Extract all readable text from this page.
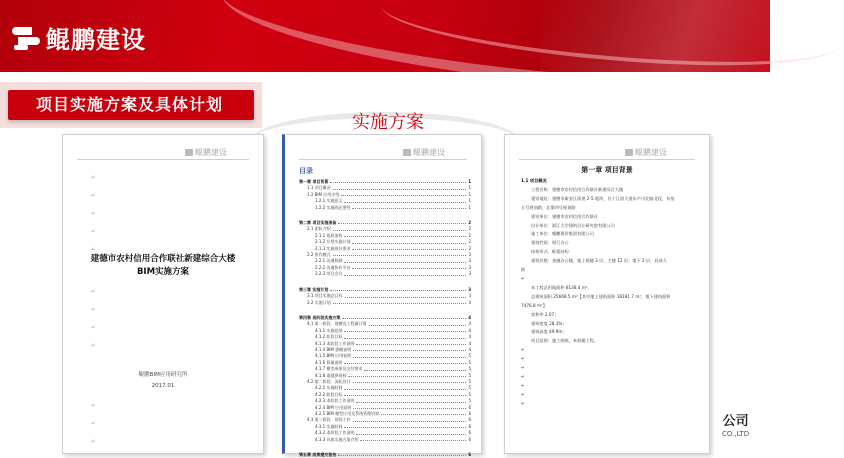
鲲鹏建设
项目实施方案及具体计划
实施方案
鲲鹏建设
↵
↵
↵
↵
↵
建德市农村信用合作联社新建综合大楼
BIM实施方案
↵
↵
↵
↵
鲲鹏BIM应用研究所
2017.01
↵
↵
↵
鲲鹏建设
目录
第一章 项目背景	1
1.1 项目概况	1
1.2 BIM 应用介绍	1
1.2.1 实施意义	1
1.2.2 实施的必要性	1
第二章 项目实施准备	2
2.1 团队介绍	2
2.1.1 组织架构	2
2.1.2 应用实施计划	2
2.1.3 实施岗位要求	2
2.2 协作模式	3
2.2.1 沟通机制	3
2.2.2 沟通协作平台	3
2.2.3 项目会议	3
第三章 实施计划	3
3.1 项目实施总目标	3
3.2 实施计划	4
第四章 各阶段实施方案	4
4.1 第一阶段：建模及工程量计算	4
4.1.1 实施范围	4
4.1.2 阶段目标	4
4.1.3 本阶段工作说明	4
4.1.4 BIM 建模说明	4
4.1.5 BIM 应用说明	5
4.1.6 算量说明	5
4.1.7 模型成果及交付要求	5
4.1.8 需提供资料	5
4.2 第二阶段：深化设计	5
4.2.1 实施时间	5
4.2.2 阶段目标	5
4.2.3 本阶段工作说明	5
4.2.4 BIM 应用说明	6
4.2.5 BIM 模型应用及系统管理培训	6
4.3 第三阶段：现场工作	6
4.3.1 实施时间	6
4.3.2 本阶段工作说明	6
4.3.3 具体实施方案介绍	6
第五章 成果提交报告	6
鲲鹏建设
第一章 项目背景
1.1 项目概况
工程名称：建德市农村信用合作联社新建综合大楼
建设地址：建德市新安江街道 2-5 地块，位于江滨大道东产川北路北段，东依
五号规划路，北靠四号规划路
建设单位：建德市农村信用合作联社
设计单位：浙江大学建筑设计研究院有限公司
施工单位：鲲鹏建设集团有限公司
建筑性质：银行办公
结构形式：框架结构
建筑层数：金融办公楼，地上裙楼 3 层，主楼 12 层；地下 2 层，局部人
防
↵
本工程总用地面积 8138.4 m²，
总建筑面积 25668.5 m²【其中地上建筑面积 18181.7 m²，地下建筑面积
7476.8 m²】
容积率 2.07；
建筑密度 28.3%；
建筑高度 49.9m；
项目范围：施工图纸，本机楼工程。
↵
↵
↵
↵
↵
↵
↵
公司
CO.,LTD
